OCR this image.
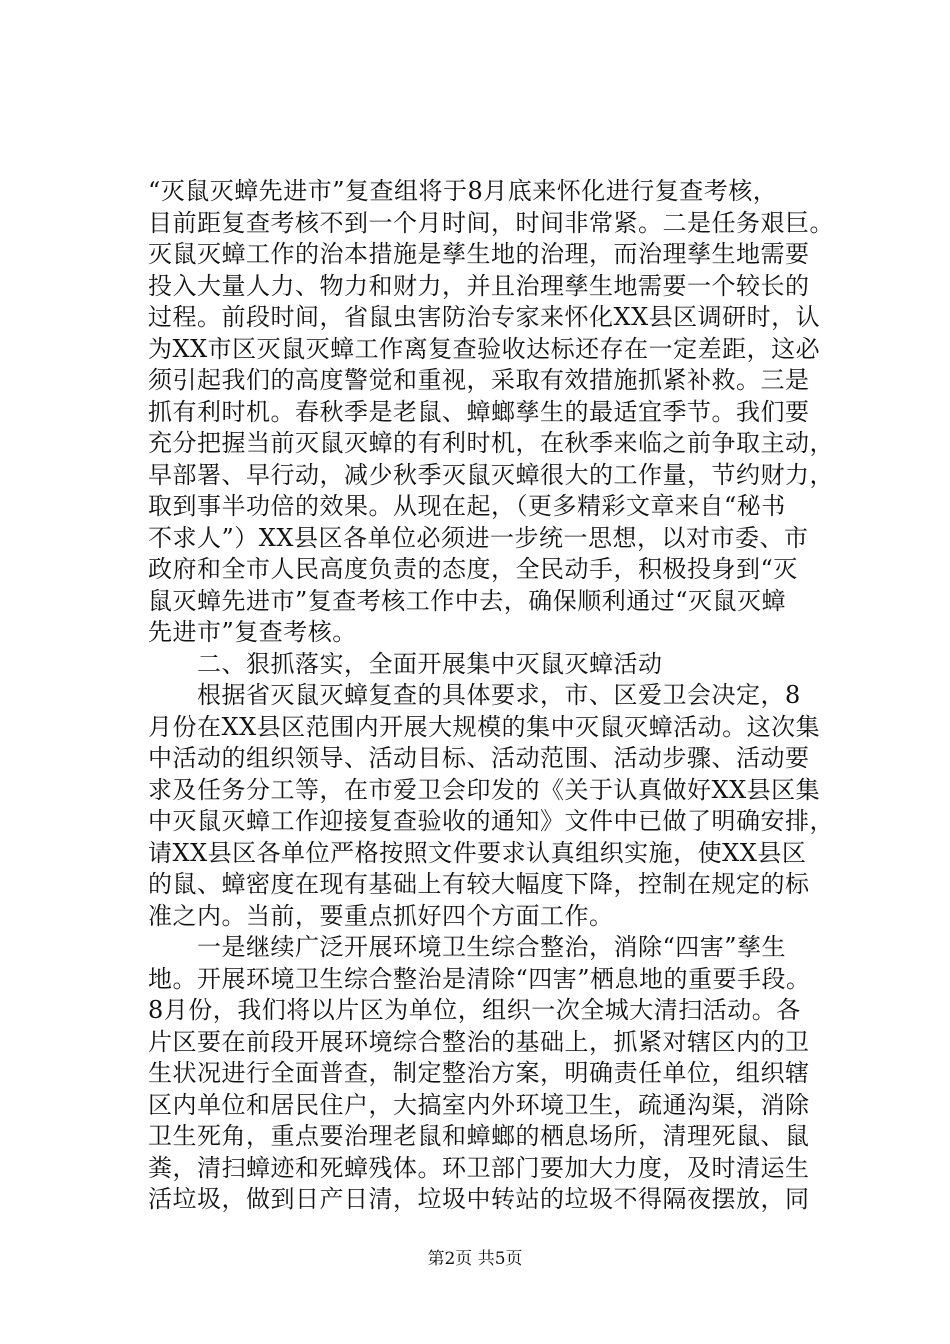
“灭鼠灭蟑先进市”复查组将于8月底来怀化进行复查考核，
目前距复查考核不到一个月时间，时间非常紧。二是任务艰巨。
灭鼠灭蟑工作的治本措施是孳生地的治理，而治理孳生地需要
投入大量人力、物力和财力，并且治理孳生地需要一个较长的
过程。前段时间，省鼠虫害防治专家来怀化XX县区调研时，认
为XX市区灭鼠灭蟑工作离复查验收达标还存在一定差距，这必
须引起我们的高度警觉和重视，采取有效措施抓紧补救。三是
抓有利时机。春秋季是老鼠、蟑螂孳生的最适宜季节。我们要
充分把握当前灭鼠灭蟑的有利时机，在秋季来临之前争取主动，
早部署、早行动，减少秋季灭鼠灭蟑很大的工作量，节约财力，
取到事半功倍的效果。从现在起，（更多精彩文章来自“秘书
不求人”）XX县区各单位必须进一步统一思想，以对市委、市
政府和全市人民高度负责的态度，全民动手，积极投身到“灭
鼠灭蟑先进市”复查考核工作中去，确保顺利通过“灭鼠灭蟑
先进市”复查考核。
　　二、狠抓落实，全面开展集中灭鼠灭蟑活动
　　根据省灭鼠灭蟑复查的具体要求，市、区爱卫会决定，8
月份在XX县区范围内开展大规模的集中灭鼠灭蟑活动。这次集
中活动的组织领导、活动目标、活动范围、活动步骤、活动要
求及任务分工等，在市爱卫会印发的《关于认真做好XX县区集
中灭鼠灭蟑工作迎接复查验收的通知》文件中已做了明确安排，
请XX县区各单位严格按照文件要求认真组织实施，使XX县区
的鼠、蟑密度在现有基础上有较大幅度下降，控制在规定的标
准之内。当前，要重点抓好四个方面工作。
　　一是继续广泛开展环境卫生综合整治，消除“四害”孳生
地。开展环境卫生综合整治是清除“四害”栖息地的重要手段。
8月份，我们将以片区为单位，组织一次全城大清扫活动。各
片区要在前段开展环境综合整治的基础上，抓紧对辖区内的卫
生状况进行全面普查，制定整治方案，明确责任单位，组织辖
区内单位和居民住户，大搞室内外环境卫生，疏通沟渠，消除
卫生死角，重点要治理老鼠和蟑螂的栖息场所，清理死鼠、鼠
粪，清扫蟑迹和死蟑残体。环卫部门要加大力度，及时清运生
活垃圾，做到日产日清，垃圾中转站的垃圾不得隔夜摆放，同
第2页 共5页
